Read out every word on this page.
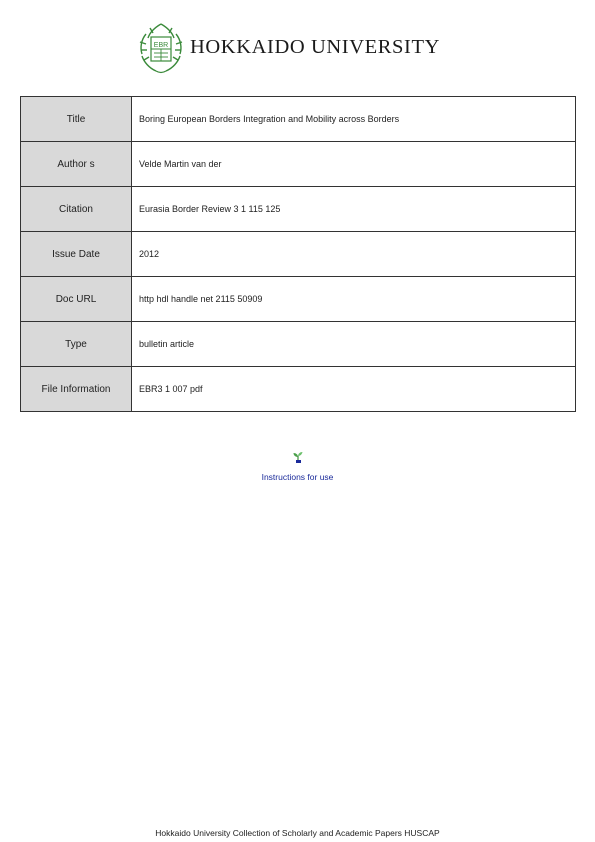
EBR HOKKAIDO UNIVERSITY
Title	Boring European Borders Integration and Mobility across Borders
Author s	Velde Martin van der
Citation	Eurasia Border Review 3 1 115 125
Issue Date	2012
Doc URL	http hdl handle net 2115 50909
Type	bulletin article
File Information	EBR3 1 007 pdf
Instructions for use
Hokkaido University Collection of Scholarly and Academic Papers HUSCAP
